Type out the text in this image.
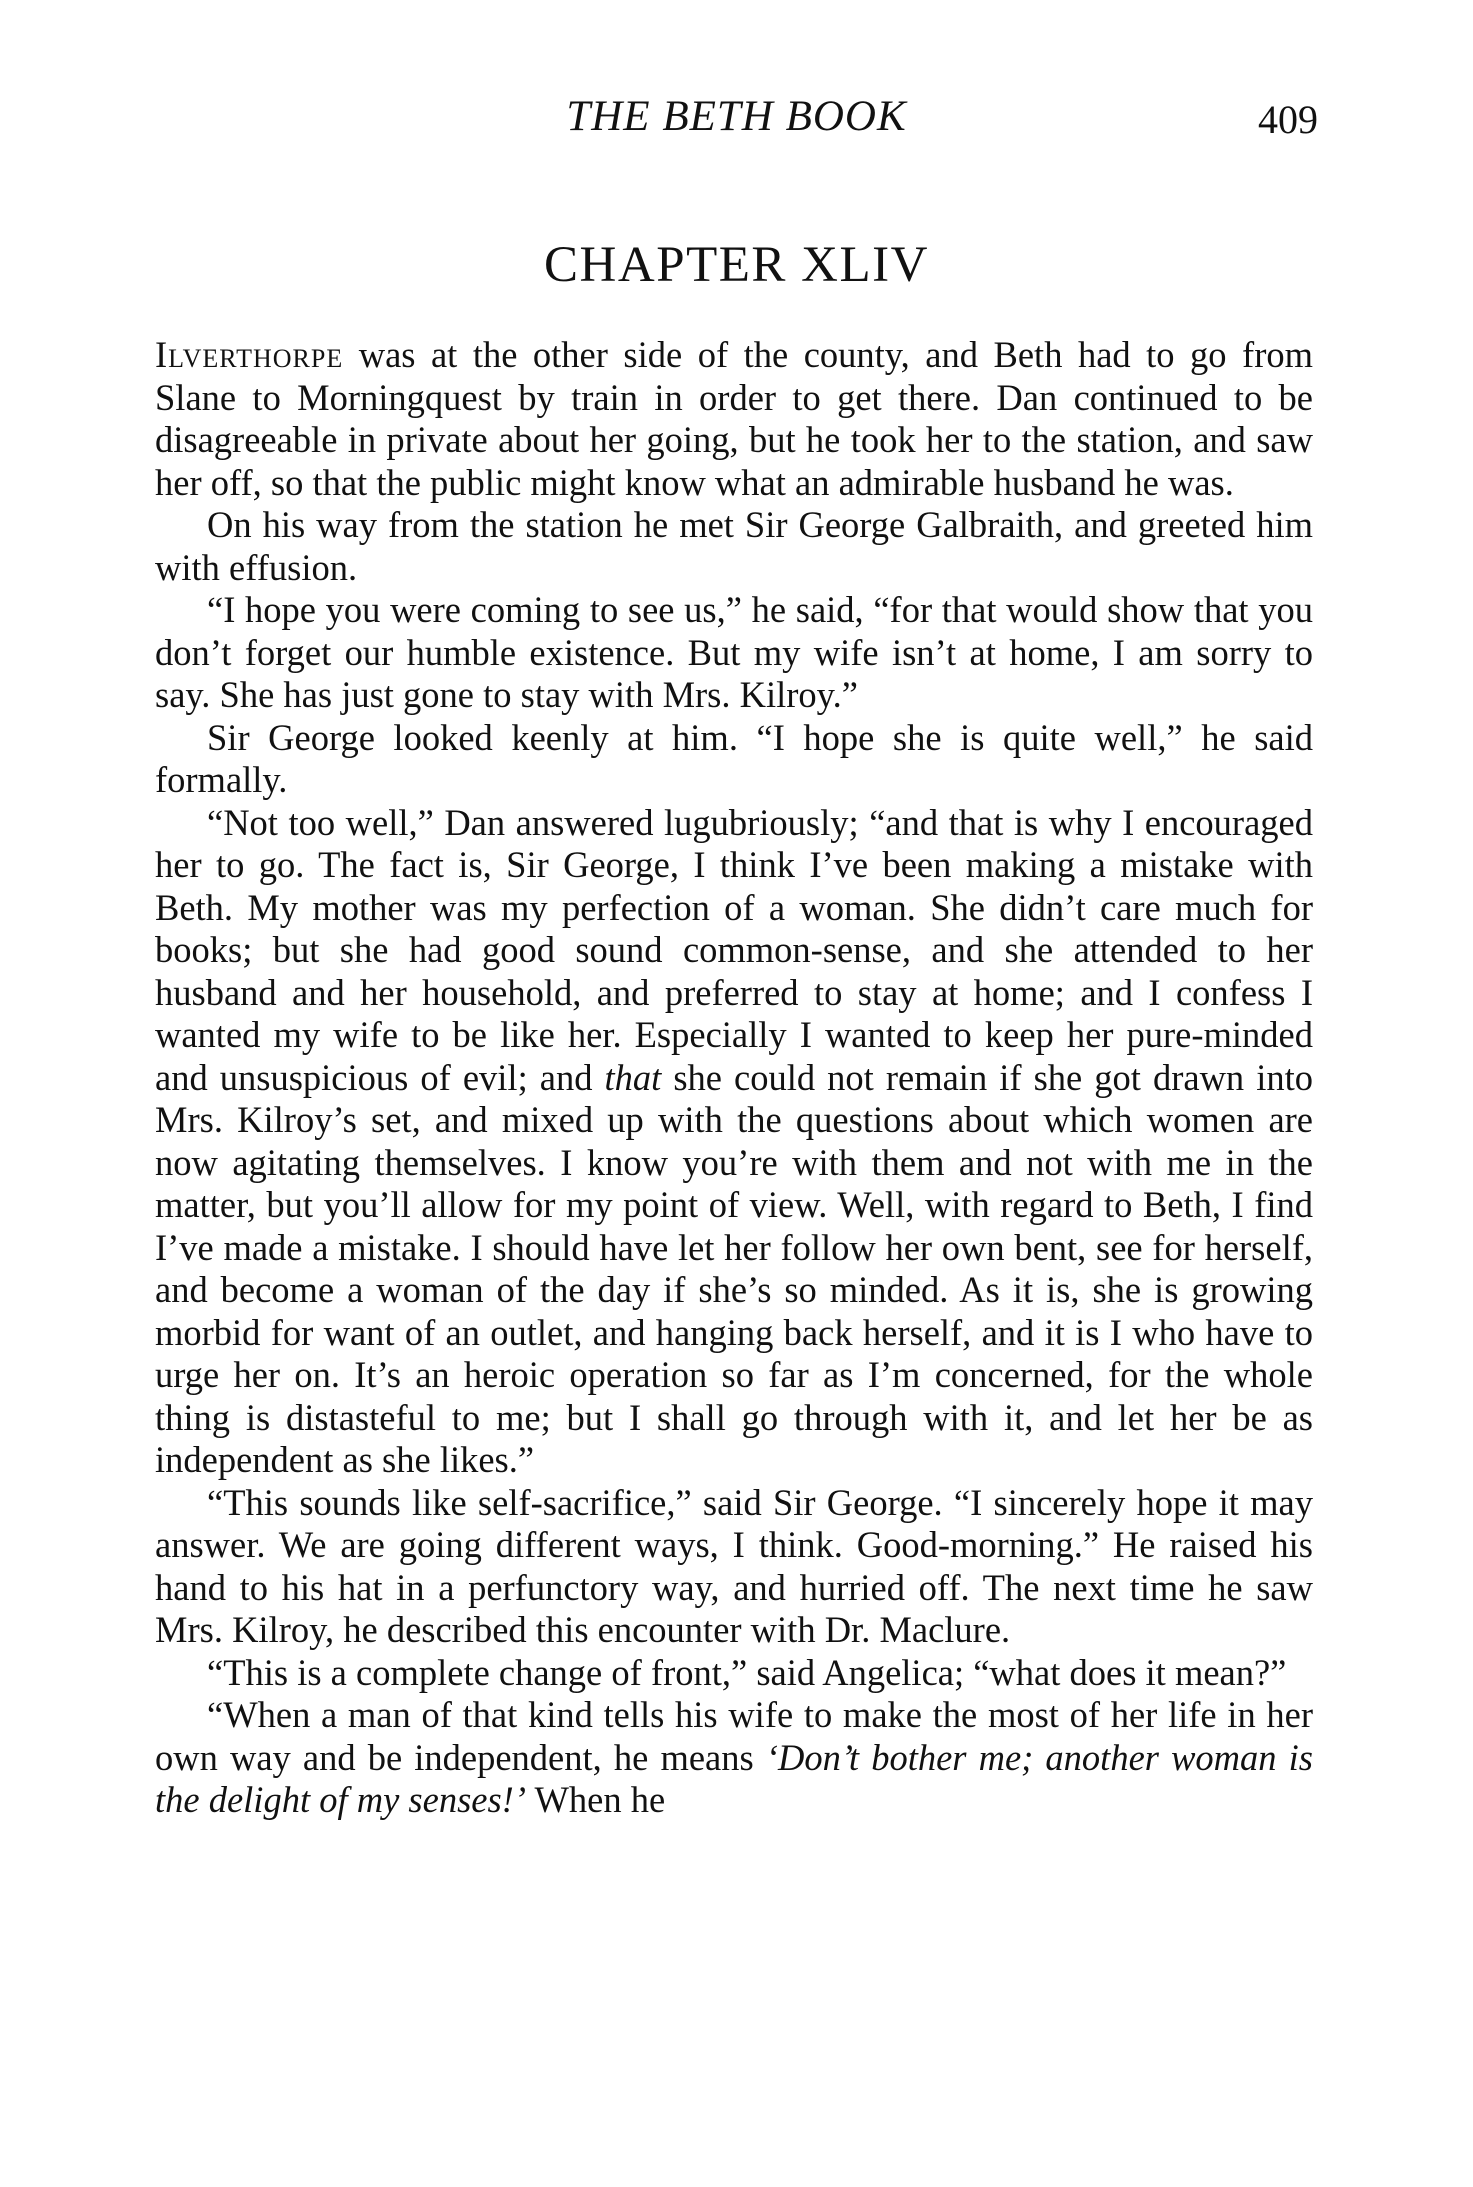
THE BETH BOOK	409
CHAPTER XLIV

Ilverthorpe was at the other side of the county, and Beth had to go from Slane to Morningquest by train in order to get there. Dan continued to be disagreeable in private about her going, but he took her to the station, and saw her off, so that the public might know what an admirable husband he was.

On his way from the station he met Sir George Galbraith, and greeted him with effusion.

“I hope you were coming to see us,” he said, “for that would show that you don’t forget our humble existence. But my wife isn’t at home, I am sorry to say. She has just gone to stay with Mrs. Kilroy.”

Sir George looked keenly at him. “I hope she is quite well,” he said formally.

“Not too well,” Dan answered lugubriously; “and that is why I encouraged her to go. The fact is, Sir George, I think I’ve been making a mistake with Beth. My mother was my perfection of a woman. She didn’t care much for books; but she had good sound common-sense, and she attended to her husband and her household, and preferred to stay at home; and I confess I wanted my wife to be like her. Especially I wanted to keep her pure-minded and unsuspicious of evil; and that she could not remain if she got drawn into Mrs. Kilroy’s set, and mixed up with the questions about which women are now agitating themselves. I know you’re with them and not with me in the matter, but you’ll allow for my point of view. Well, with regard to Beth, I find I’ve made a mistake. I should have let her follow her own bent, see for herself, and become a woman of the day if she’s so minded. As it is, she is growing morbid for want of an outlet, and hanging back herself, and it is I who have to urge her on. It’s an heroic operation so far as I’m concerned, for the whole thing is distasteful to me; but I shall go through with it, and let her be as independent as she likes.”

“This sounds like self-sacrifice,” said Sir George. “I sincerely hope it may answer. We are going different ways, I think. Good-morning.” He raised his hand to his hat in a perfunctory way, and hurried off. The next time he saw Mrs. Kilroy, he described this encounter with Dr. Maclure.

“This is a complete change of front,” said Angelica; “what does it mean?”

“When a man of that kind tells his wife to make the most of her life in her own way and be independent, he means ‘Don’t bother me; another woman is the delight of my senses!’ When he
